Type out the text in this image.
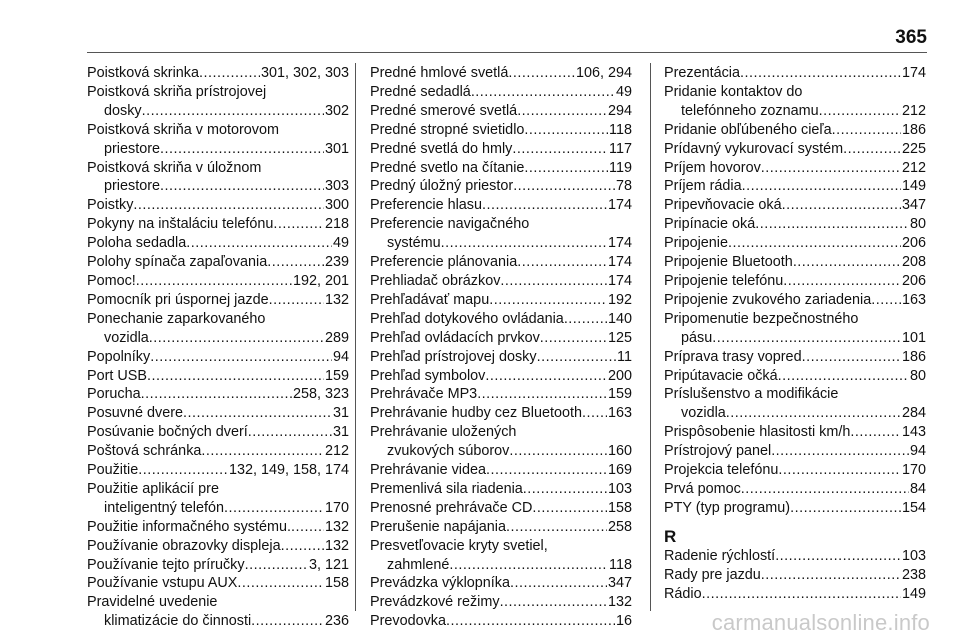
365
Poistková skrinka .....	301, 302, 303
Poistková skriňa prístrojovej
dosky .....	302
Poistková skriňa v motorovom
priestore .....	301
Poistková skriňa v úložnom
priestore .....	303
Poistky .....	300
Pokyny na inštaláciu telefónu .....	218
Poloha sedadla .....	49
Polohy spínača zapaľovania .....	239
Pomoc! .....	192, 201
Pomocník pri úspornej jazde .....	132
Ponechanie zaparkovaného
vozidla .....	289
Popolníky .....	94
Port USB .....	159
Porucha .....	258, 323
Posuvné dvere .....	31
Posúvanie bočných dverí .....	31
Poštová schránka .....	212
Použitie .....	132, 149, 158, 174
Použitie aplikácií pre
inteligentný telefón .....	170
Použitie informačného systému. ..... 132
Používanie obrazovky displeja .....	132
Používanie tejto príručky .....	3, 121
Používanie vstupu AUX .....	158
Pravidelné uvedenie
klimatizácie do činnosti .....	236
Predné hmlové svetlá .....	106, 294
Predné sedadlá .....	49
Predné smerové svetlá .....	294
Predné stropné svietidlo .....	118
Predné svetlá do hmly .....	117
Predné svetlo na čítanie .....	119
Predný úložný priestor .....	78
Preferencie hlasu .....	174
Preferencie navigačného
systému .....	174
Preferencie plánovania .....	174
Prehliadač obrázkov .....	174
Prehľadávať mapu .....	192
Prehľad dotykového ovládania .....	140
Prehľad ovládacích prvkov .....	125
Prehľad prístrojovej dosky .....	11
Prehľad symbolov .....	200
Prehrávače MP3 .....	159
Prehrávanie hudby cez Bluetooth ..... 163
Prehrávanie uložených
zvukových súborov .....	160
Prehrávanie videa .....	169
Premenlivá sila riadenia .....	103
Prenosné prehrávače CD .....	158
Prerušenie napájania .....	258
Presvetľovacie kryty svetiel,
zahmlené .....	118
Prevádzka výklopníka .....	347
Prevádzkové režimy .....	132
Prevodovka .....	16
Prezentácia .....	174
Pridanie kontaktov do
telefónneho zoznamu .....	212
Pridanie obľúbeného cieľa .....	186
Prídavný vykurovací systém .....	225
Príjem hovorov .....	212
Príjem rádia .....	149
Pripevňovacie oká .....	347
Pripínacie oká .....	80
Pripojenie .....	206
Pripojenie Bluetooth .....	208
Pripojenie telefónu .....	206
Pripojenie zvukového zariadenia ..... 163
Pripomenutie bezpečnostného
pásu .....	101
Príprava trasy vopred .....	186
Pripútavacie očká .....	80
Príslušenstvo a modifikácie
vozidla .....	284
Prispôsobenie hlasitosti km/h .....	143
Prístrojový panel .....	94
Projekcia telefónu .....	170
Prvá pomoc .....	84
PTY (typ programu) .....	154
R
Radenie rýchlostí .....	103
Rady pre jazdu .....	238
Rádio .....	149
carmanualsonline.info
